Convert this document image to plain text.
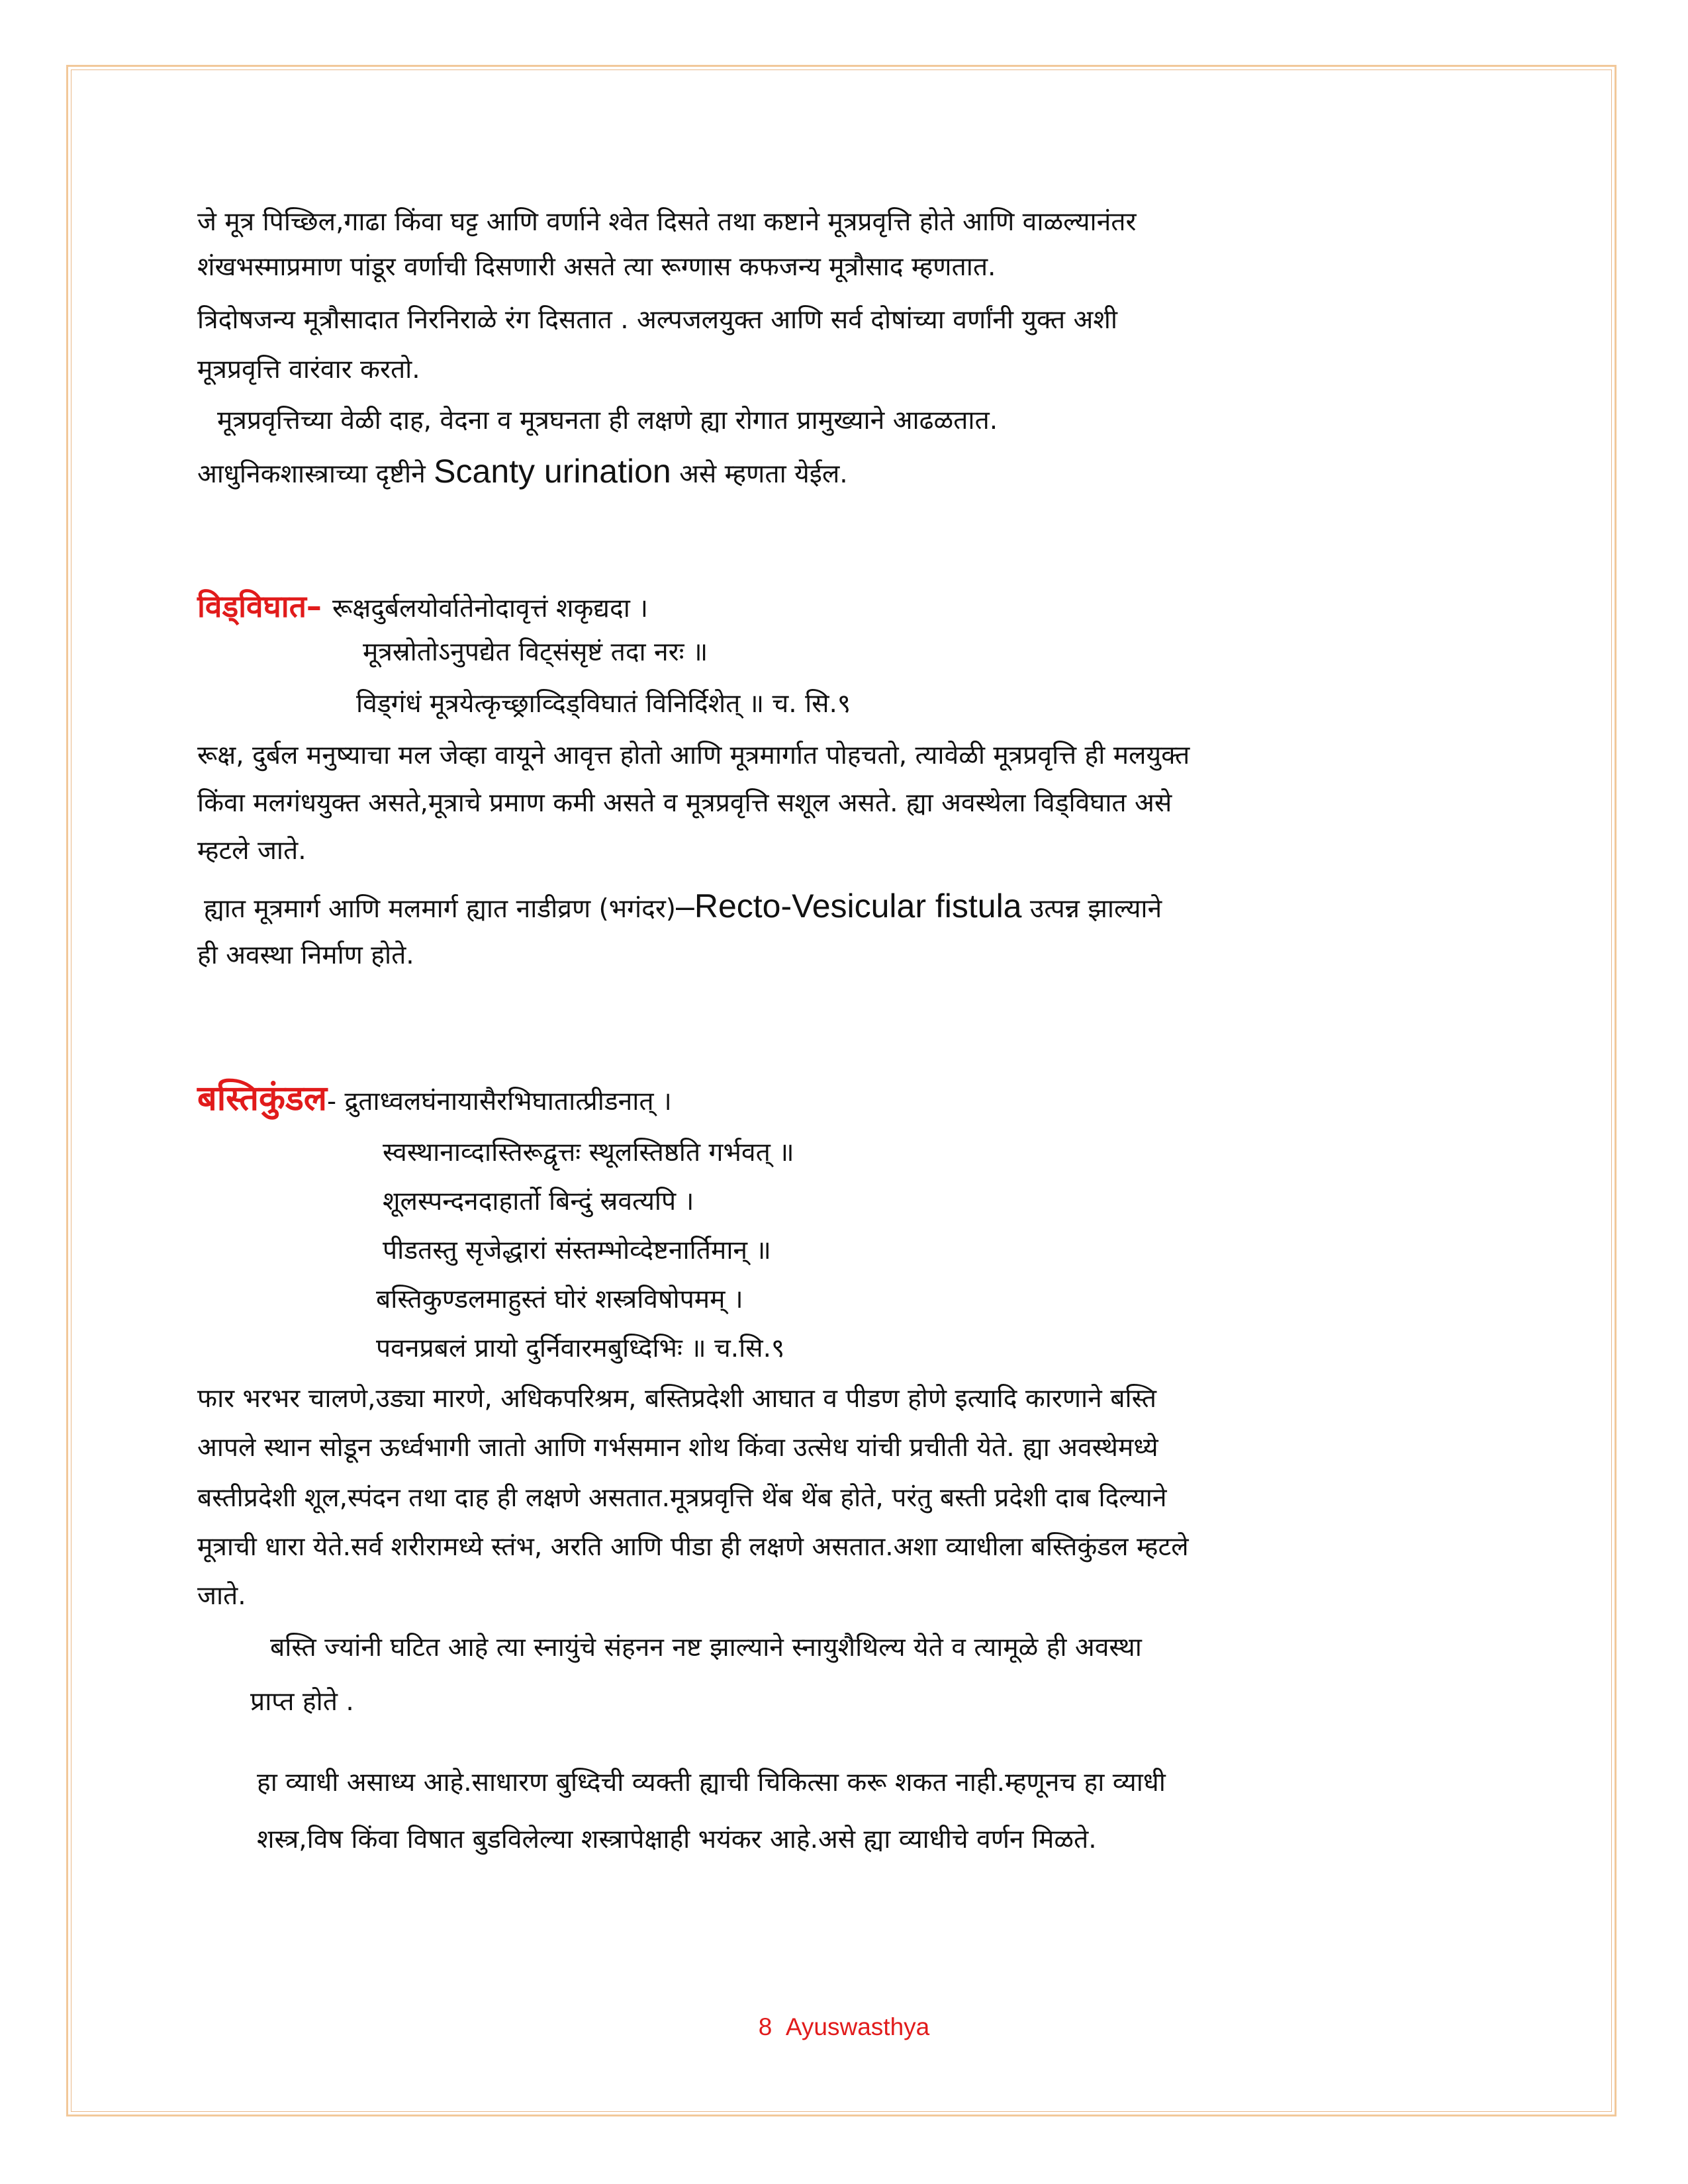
जे मूत्र पिच्छिल,गाढा किंवा घट्ट आणि वर्णाने श्वेत दिसते तथा कष्टाने मूत्रप्रवृत्ति होते आणि वाळल्यानंतर
शंखभस्माप्रमाण पांडूर वर्णाची दिसणारी असते त्या रूग्णास कफजन्य मूत्रौसाद म्हणतात.
त्रिदोषजन्य मूत्रौसादात निरनिराळे रंग दिसतात . अल्पजलयुक्त आणि सर्व दोषांच्या वर्णांनी युक्त अशी
मूत्रप्रवृत्ति वारंवार करतो.
मूत्रप्रवृत्तिच्या वेळी दाह, वेदना व मूत्रघनता ही लक्षणे ह्या रोगात प्रामुख्याने आढळतात.
आधुनिकशास्त्राच्या दृष्टीने Scanty urination असे म्हणता येईल.
विड्विघात– रूक्षदुर्बलयोर्वातेनोदावृत्तं शकृद्यदा ।
मूत्रस्रोतोऽनुपद्येत विट्संसृष्टं तदा नरः ॥
विड्गंधं मूत्रयेत्कृच्छ्राव्दिड्विघातं विनिर्दिशेत् ॥ च. सि.९
रूक्ष, दुर्बल मनुष्याचा मल जेव्हा वायूने आवृत्त होतो आणि मूत्रमार्गात पोहचतो, त्यावेळी मूत्रप्रवृत्ति ही मलयुक्त
किंवा मलगंधयुक्त असते,मूत्राचे प्रमाण कमी असते व मूत्रप्रवृत्ति सशूल असते. ह्या अवस्थेला विड्विघात असे
म्हटले जाते.
ह्यात मूत्रमार्ग आणि मलमार्ग ह्यात नाडीव्रण (भगंदर)–Recto-Vesicular fistula उत्पन्न झाल्याने
ही अवस्था निर्माण होते.
बस्तिकुंडल- द्रुताध्वलघंनायासैरभिघातात्प्रीडनात् ।
स्वस्थानाव्दास्तिरूद्वृत्तः स्थूलस्तिष्ठति गर्भवत् ॥
शूलस्पन्दनदाहार्तो बिन्दुं स्रवत्यपि ।
पीडतस्तु सृजेद्धारां संस्तम्भोव्देष्टनार्तिमान् ॥
बस्तिकुण्डलमाहुस्तं घोरं शस्त्रविषोपमम् ।
पवनप्रबलं प्रायो दुर्निवारमबुध्दिभिः ॥ च.सि.९
फार भरभर चालणे,उड्या मारणे, अधिकपरिश्रम, बस्तिप्रदेशी आघात व पीडण होणे इत्यादि कारणाने बस्ति
आपले स्थान सोडून ऊर्ध्वभागी जातो आणि गर्भसमान शोथ किंवा उत्सेध यांची प्रचीती येते. ह्या अवस्थेमध्ये
बस्तीप्रदेशी शूल,स्पंदन तथा दाह ही लक्षणे असतात.मूत्रप्रवृत्ति थेंब थेंब होते, परंतु बस्ती प्रदेशी दाब दिल्याने
मूत्राची धारा येते.सर्व शरीरामध्ये स्तंभ, अरति आणि पीडा ही लक्षणे असतात.अशा व्याधीला बस्तिकुंडल म्हटले
जाते.
बस्ति ज्यांनी घटित आहे त्या स्नायुंचे संहनन नष्ट झाल्याने स्नायुशैथिल्य येते व त्यामूळे ही अवस्था
प्राप्त होते .
हा व्याधी असाध्य आहे.साधारण बुध्दिची व्यक्ती ह्याची चिकित्सा करू शकत नाही.म्हणूनच हा व्याधी
शस्त्र,विष किंवा विषात बुडविलेल्या शस्त्रापेक्षाही भयंकर आहे.असे ह्या व्याधीचे वर्णन मिळते.
8 Ayuswasthya
